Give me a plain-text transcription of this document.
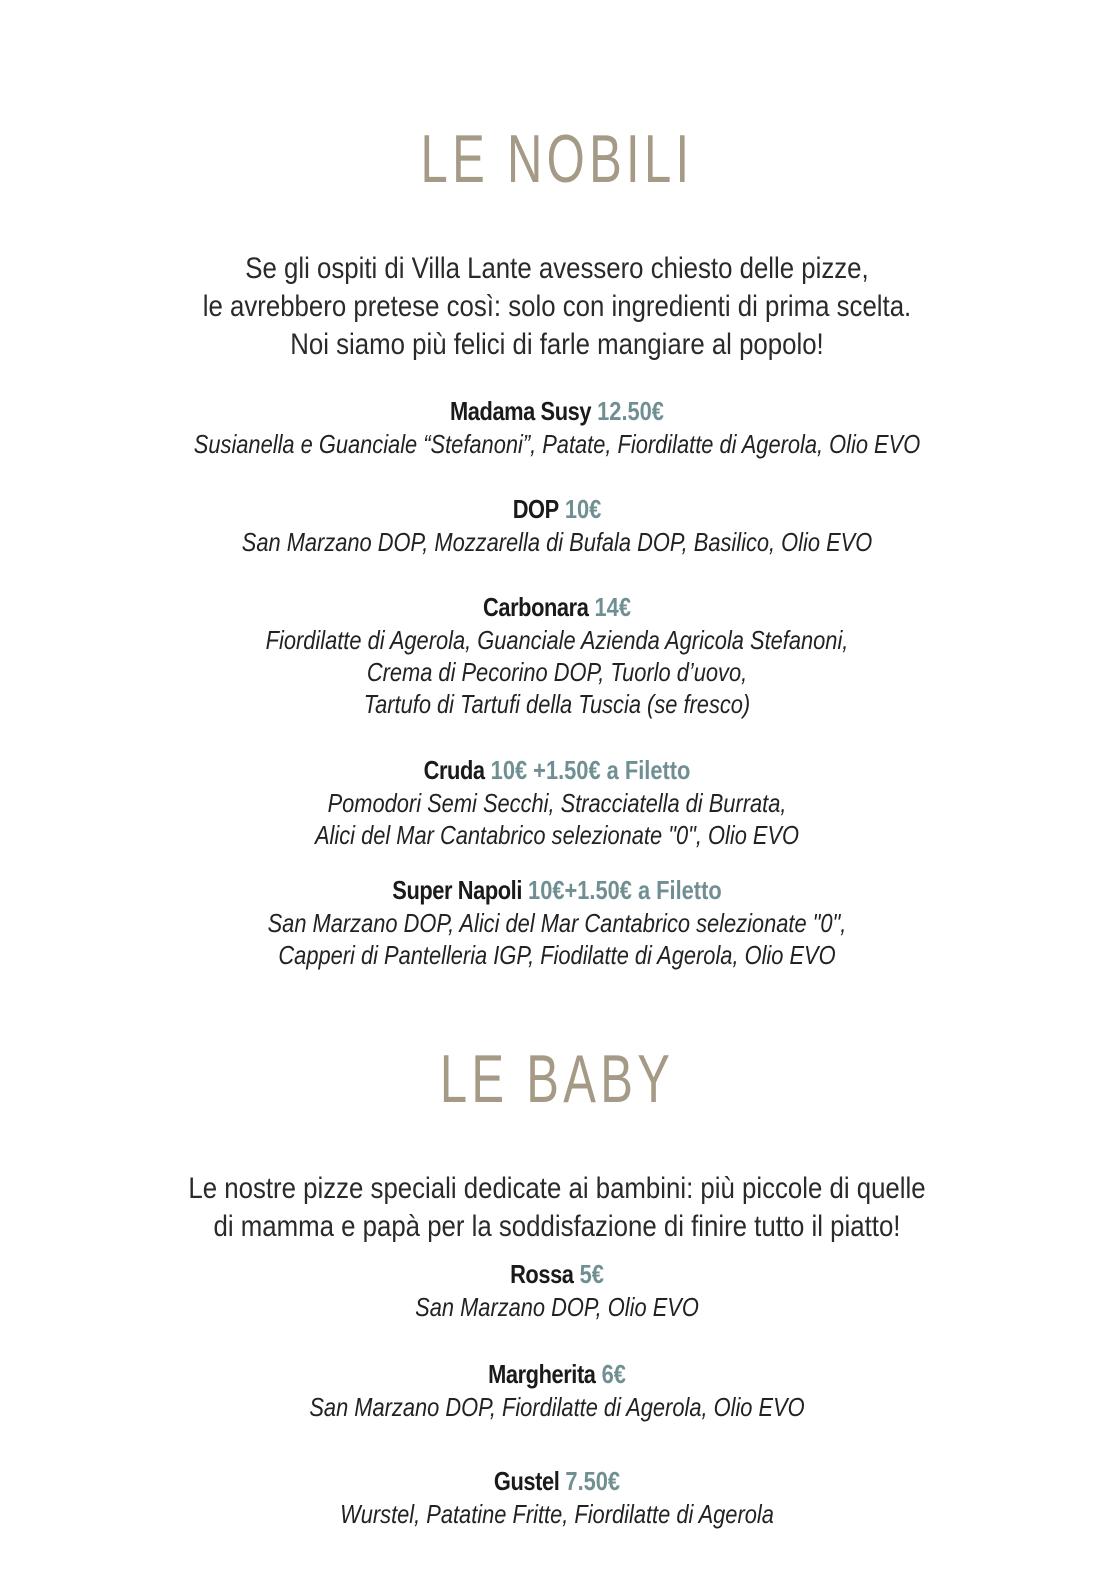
LE NOBILI
Se gli ospiti di Villa Lante avessero chiesto delle pizze,
le avrebbero pretese così: solo con ingredienti di prima scelta.
Noi siamo più felici di farle mangiare al popolo!
Madama Susy 12.50€
Susianella e Guanciale “Stefanoni”, Patate, Fiordilatte di Agerola, Olio EVO
DOP 10€
San Marzano DOP, Mozzarella di Bufala DOP, Basilico, Olio EVO
Carbonara 14€
Fiordilatte di Agerola, Guanciale Azienda Agricola Stefanoni,
Crema di Pecorino DOP, Tuorlo d’uovo,
Tartufo di Tartufi della Tuscia (se fresco)
Cruda 10€ +1.50€ a Filetto
Pomodori Semi Secchi, Stracciatella di Burrata,
Alici del Mar Cantabrico selezionate "0", Olio EVO
Super Napoli 10€+1.50€ a Filetto
San Marzano DOP, Alici del Mar Cantabrico selezionate "0",
Capperi di Pantelleria IGP, Fiodilatte di Agerola, Olio EVO
LE BABY
Le nostre pizze speciali dedicate ai bambini: più piccole di quelle
di mamma e papà per la soddisfazione di finire tutto il piatto!
Rossa 5€
San Marzano DOP, Olio EVO
Margherita 6€
San Marzano DOP, Fiordilatte di Agerola, Olio EVO
Gustel 7.50€
Wurstel, Patatine Fritte, Fiordilatte di Agerola
